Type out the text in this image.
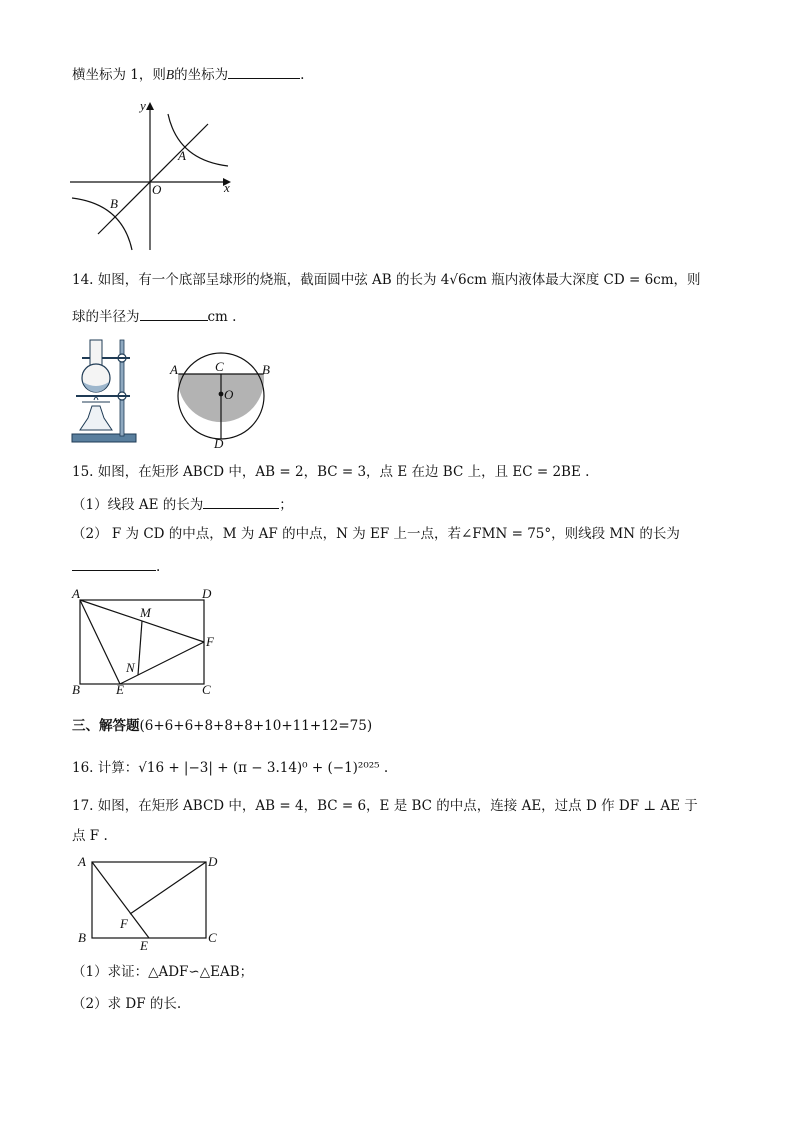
横坐标为 1，则B的坐标为	.
y
x
O
A
B
14. 如图，有一个底部呈球形的烧瓶，截面圆中弦 AB 的长为 4√6cm 瓶内液体最大深度 CD = 6cm，则
球的半径为	cm .
A	B
C
O
D
15. 如图，在矩形 ABCD 中，AB = 2，BC = 3，点 E 在边 BC 上，且 EC = 2BE .
（1）线段 AE 的长为	；
（2） F 为 CD 的中点，M 为 AF 的中点，N 为 EF 上一点，若∠FMN = 75°，则线段 MN 的长为
.
A	D
M
F
N
B	E	C
三、解答题(6+6+6+8+8+8+10+11+12=75)
16. 计算：√16 + |−3| + (π − 3.14)⁰ + (−1)²⁰²⁵ .
17. 如图，在矩形 ABCD 中，AB = 4，BC = 6，E 是 BC 的中点，连接 AE，过点 D 作 DF ⊥ AE 于
点 F .
A	D
F
B
E
C
（1）求证：△ADF∽△EAB；
（2）求 DF 的长.
